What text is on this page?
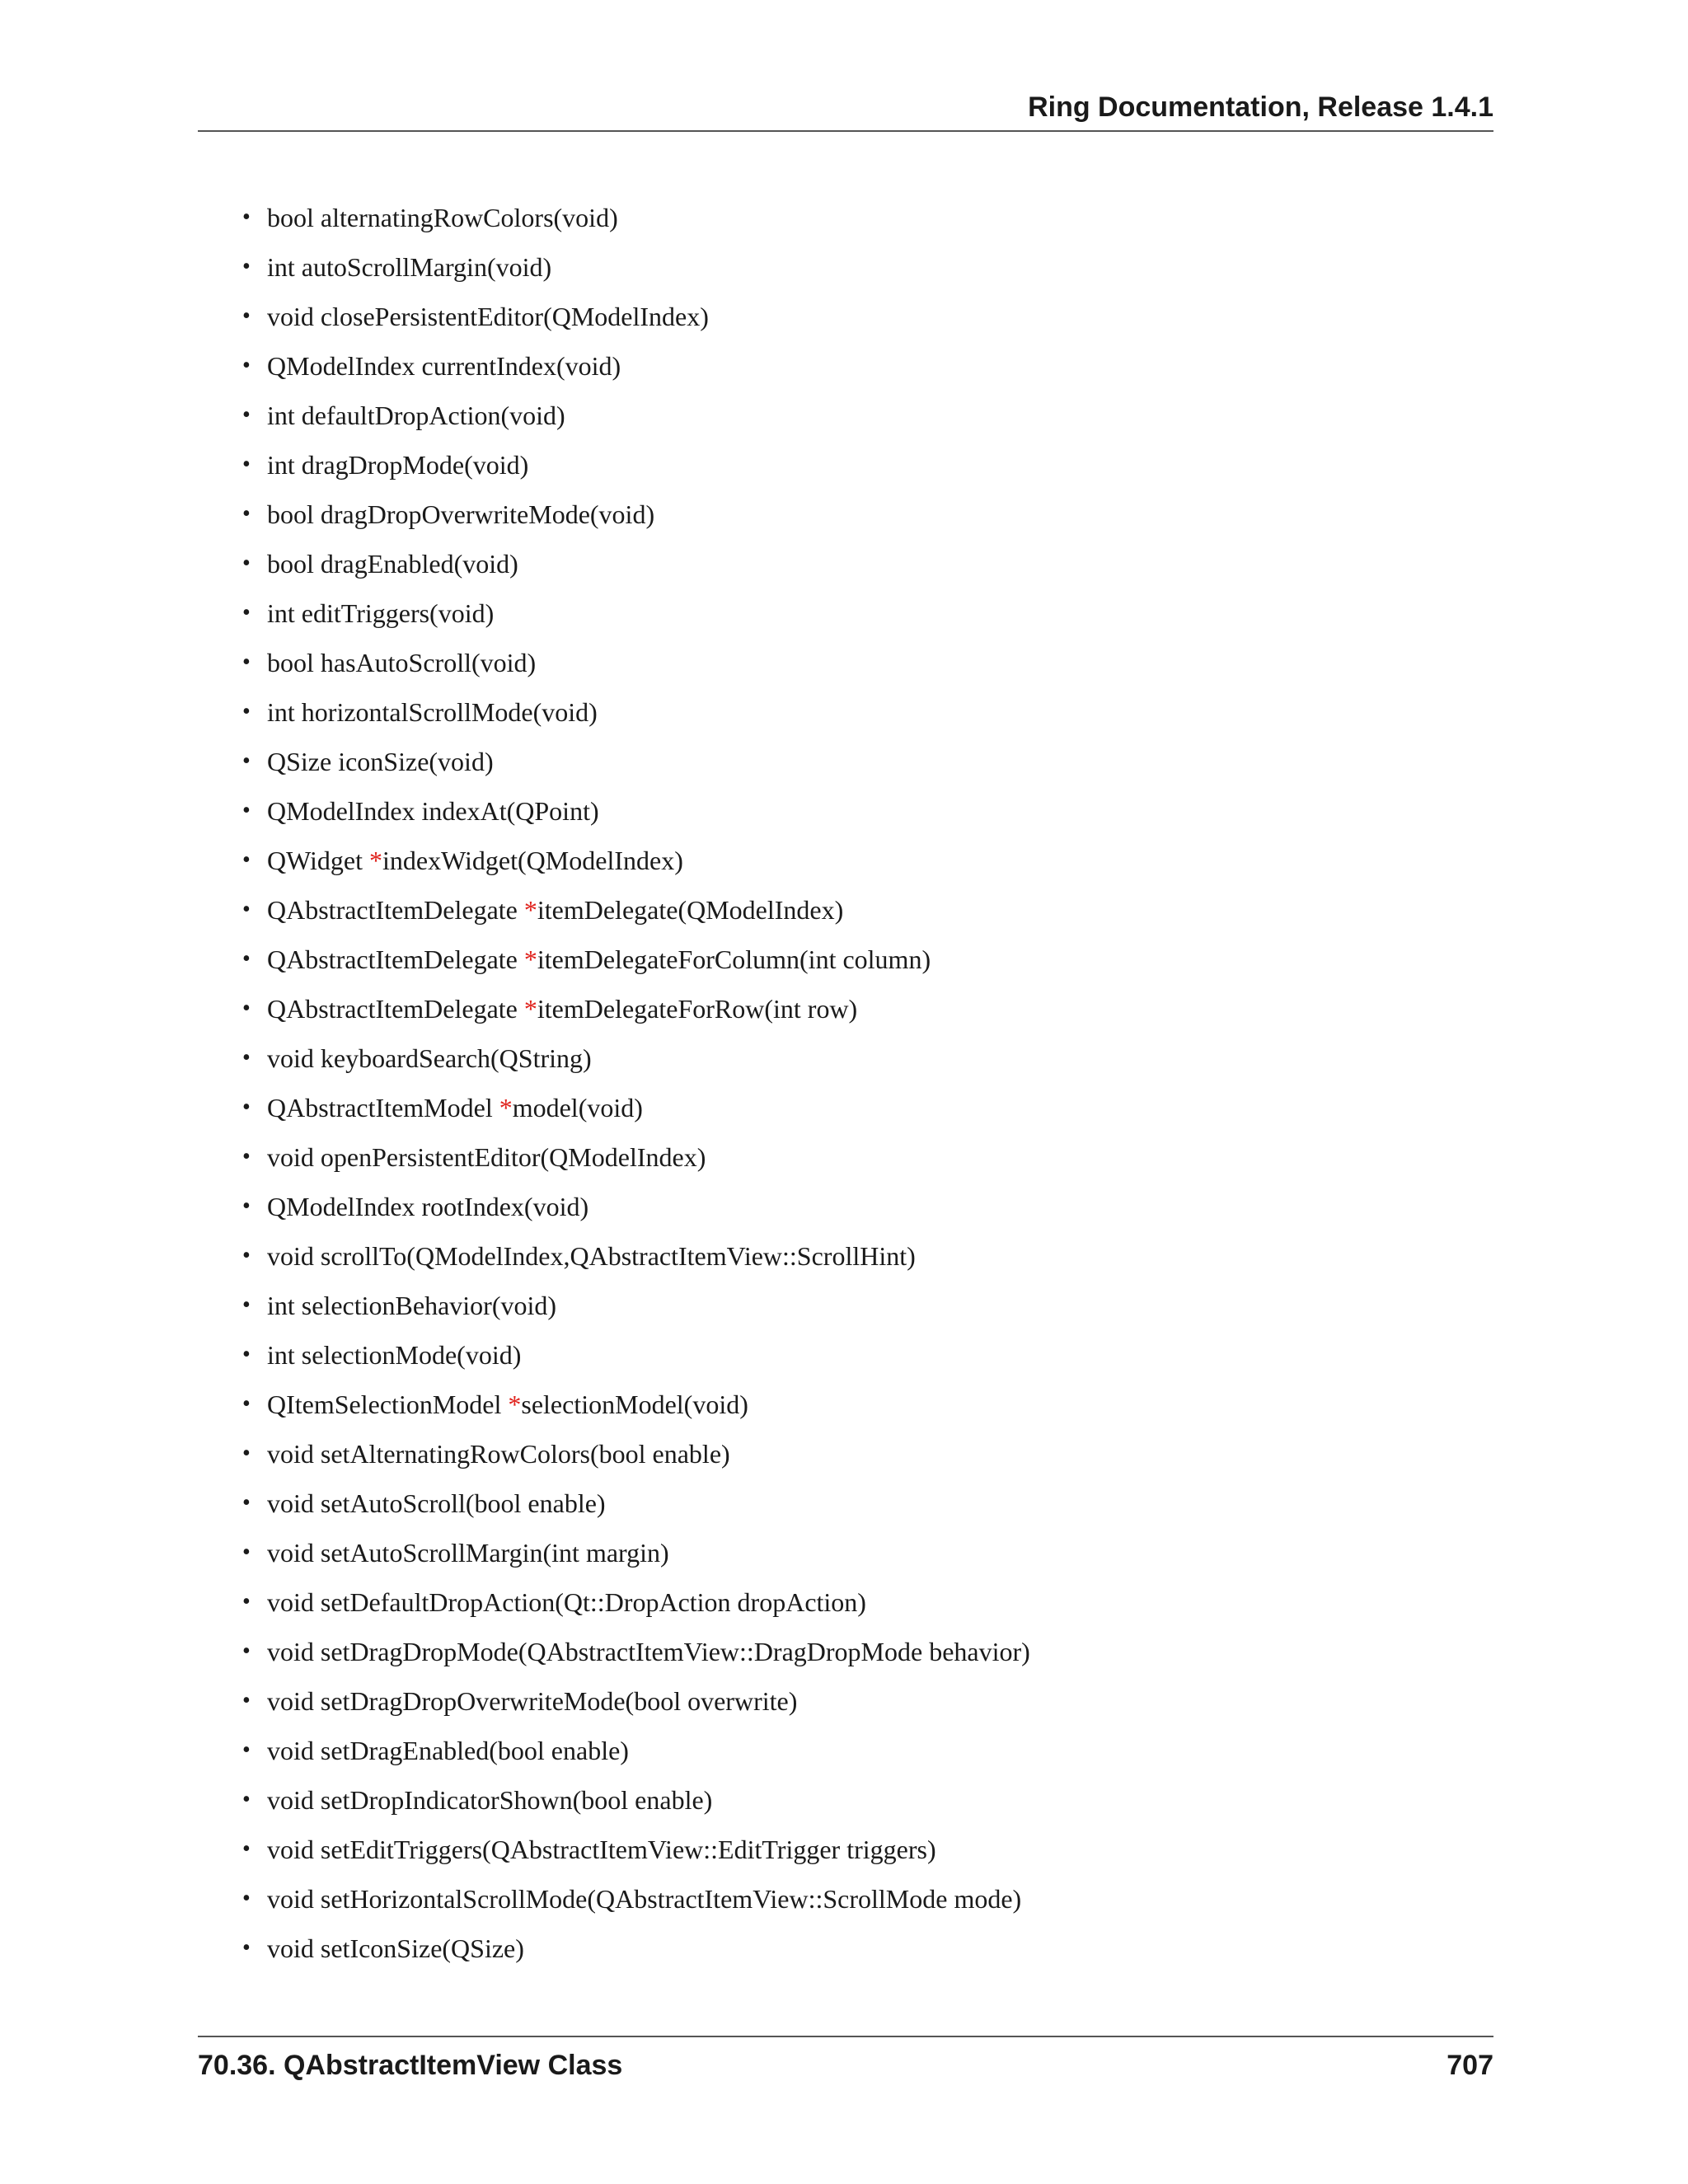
Ring Documentation, Release 1.4.1
• bool alternatingRowColors(void)
• int autoScrollMargin(void)
• void closePersistentEditor(QModelIndex)
• QModelIndex currentIndex(void)
• int defaultDropAction(void)
• int dragDropMode(void)
• bool dragDropOverwriteMode(void)
• bool dragEnabled(void)
• int editTriggers(void)
• bool hasAutoScroll(void)
• int horizontalScrollMode(void)
• QSize iconSize(void)
• QModelIndex indexAt(QPoint)
• QWidget *indexWidget(QModelIndex)
• QAbstractItemDelegate *itemDelegate(QModelIndex)
• QAbstractItemDelegate *itemDelegateForColumn(int column)
• QAbstractItemDelegate *itemDelegateForRow(int row)
• void keyboardSearch(QString)
• QAbstractItemModel *model(void)
• void openPersistentEditor(QModelIndex)
• QModelIndex rootIndex(void)
• void scrollTo(QModelIndex,QAbstractItemView::ScrollHint)
• int selectionBehavior(void)
• int selectionMode(void)
• QItemSelectionModel *selectionModel(void)
• void setAlternatingRowColors(bool enable)
• void setAutoScroll(bool enable)
• void setAutoScrollMargin(int margin)
• void setDefaultDropAction(Qt::DropAction dropAction)
• void setDragDropMode(QAbstractItemView::DragDropMode behavior)
• void setDragDropOverwriteMode(bool overwrite)
• void setDragEnabled(bool enable)
• void setDropIndicatorShown(bool enable)
• void setEditTriggers(QAbstractItemView::EditTrigger triggers)
• void setHorizontalScrollMode(QAbstractItemView::ScrollMode mode)
• void setIconSize(QSize)
70.36. QAbstractItemView Class	707
